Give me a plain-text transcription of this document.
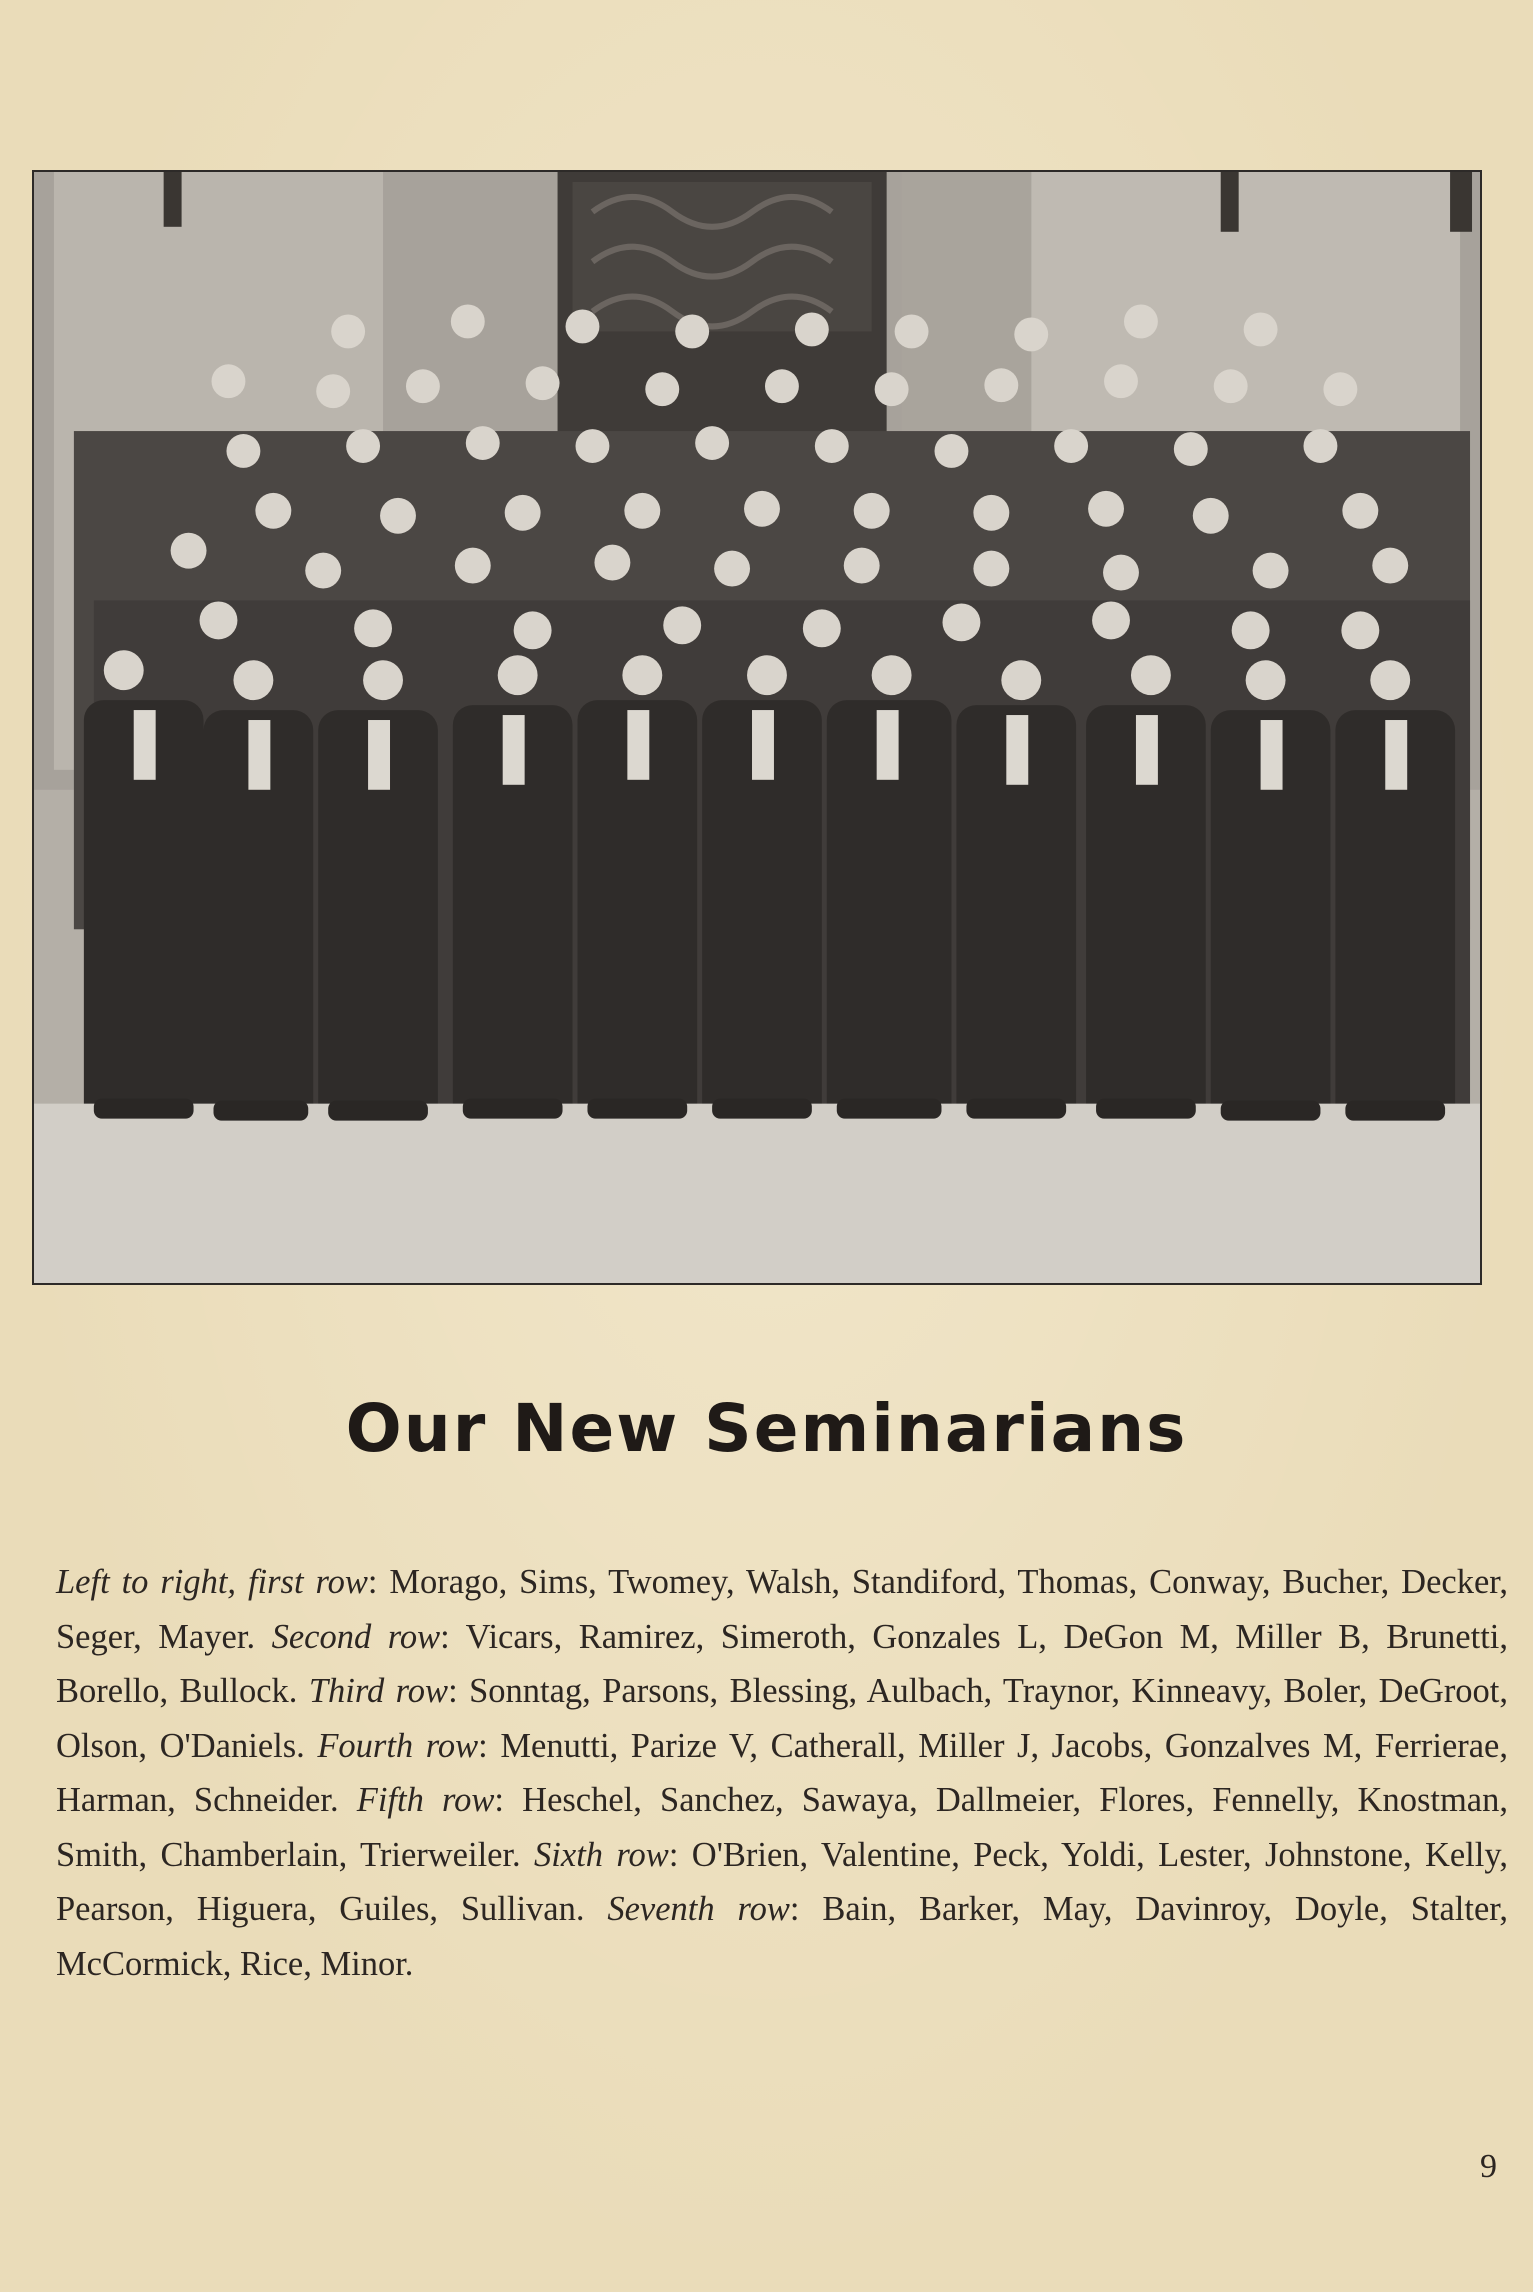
Our New Seminarians

Left to right, first row: Morago, Sims, Twomey, Walsh, Standiford, Thomas, Conway, Bucher, Decker, Seger, Mayer. Second row: Vicars, Ramirez, Simeroth, Gonzales L, DeGon M, Miller B, Brunetti, Borello, Bullock. Third row: Sonntag, Parsons, Blessing, Aulbach, Traynor, Kinneavy, Boler, DeGroot, Olson, O'Daniels. Fourth row: Menutti, Parize V, Catherall, Miller J, Jacobs, Gonzalves M, Ferrierae, Harman, Schneider. Fifth row: Heschel, Sanchez, Sawaya, Dallmeier, Flores, Fennelly, Knostman, Smith, Chamberlain, Trierweiler. Sixth row: O'Brien, Valentine, Peck, Yoldi, Lester, Johnstone, Kelly, Pearson, Higuera, Guiles, Sullivan. Seventh row: Bain, Barker, May, Davinroy, Doyle, Stalter, McCormick, Rice, Minor.

9
